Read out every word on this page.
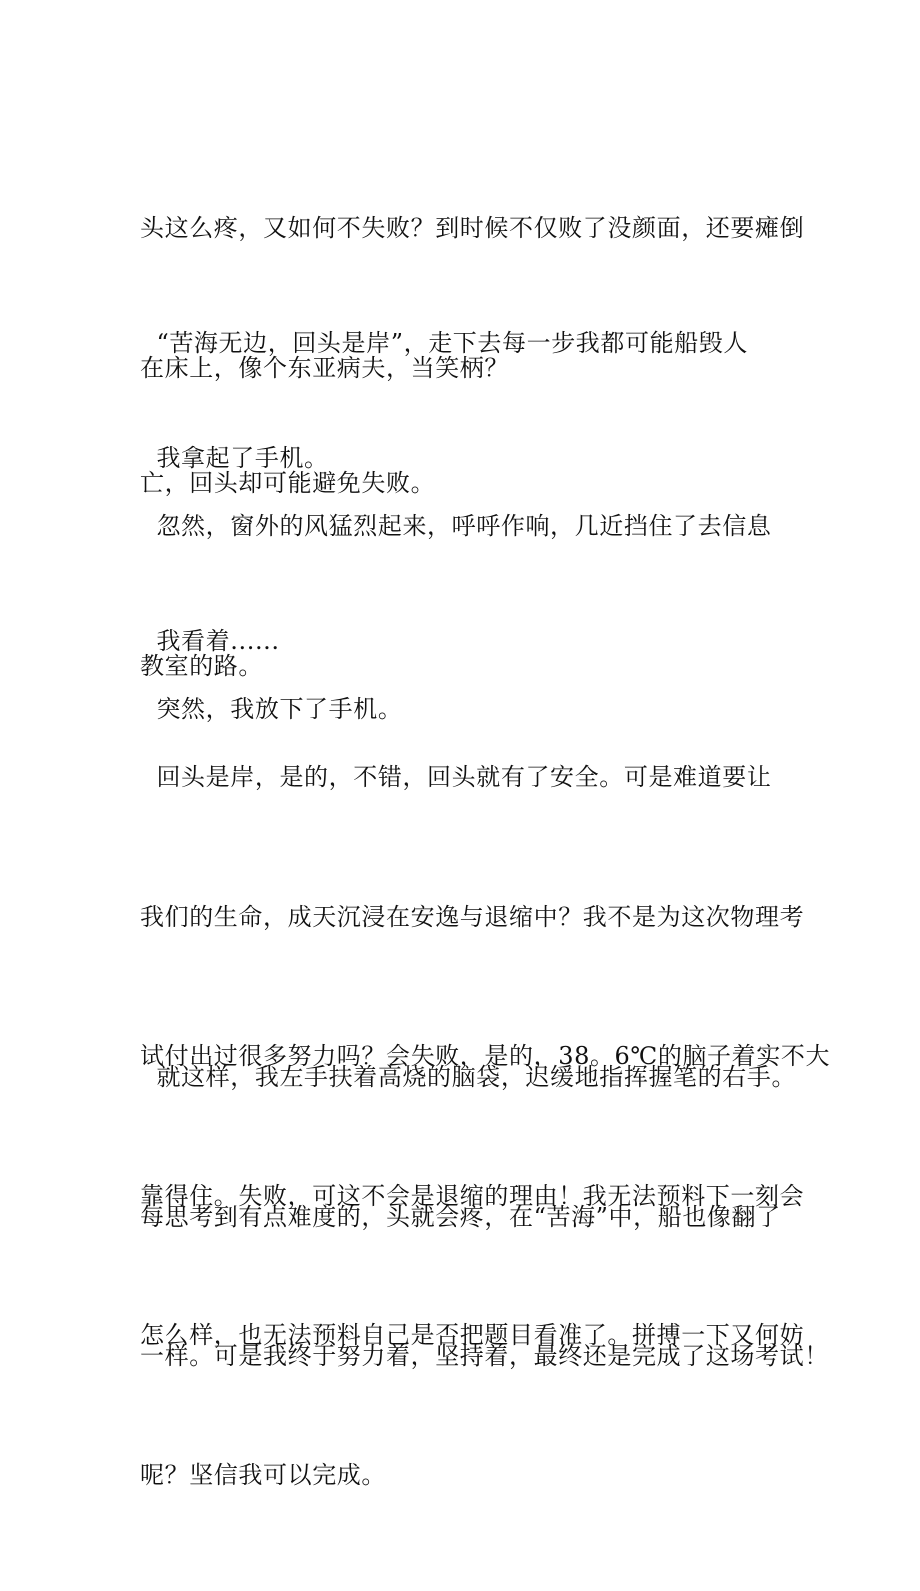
头这么疼，又如何不失败？到时候不仅败了没颜面，还要瘫倒

在床上，像个东亚病夫，当笑柄？

“苦海无边，回头是岸”，走下去每一步我都可能船毁人

亡，回头却可能避免失败。

我拿起了手机。

忽然，窗外的风猛烈起来，呼呼作响，几近挡住了去信息

教室的路。

我看着......

突然，我放下了手机。

回头是岸，是的，不错，回头就有了安全。可是难道要让

我们的生命，成天沉浸在安逸与退缩中？我不是为这次物理考

试付出过很多努力吗？会失败，是的，38。6℃的脑子着实不大

靠得住。失败，可这不会是退缩的理由！我无法预料下一刻会

怎么样，也无法预料自己是否把题目看准了。拼搏一下又何妨

呢？坚信我可以完成。

就这样，我左手扶着高烧的脑袋，迟缓地指挥握笔的右手。

每思考到有点难度的，头就会疼，在“苦海”中，船也像翻了

一样。可是我终于努力着，坚持着，最终还是完成了这场考试！
